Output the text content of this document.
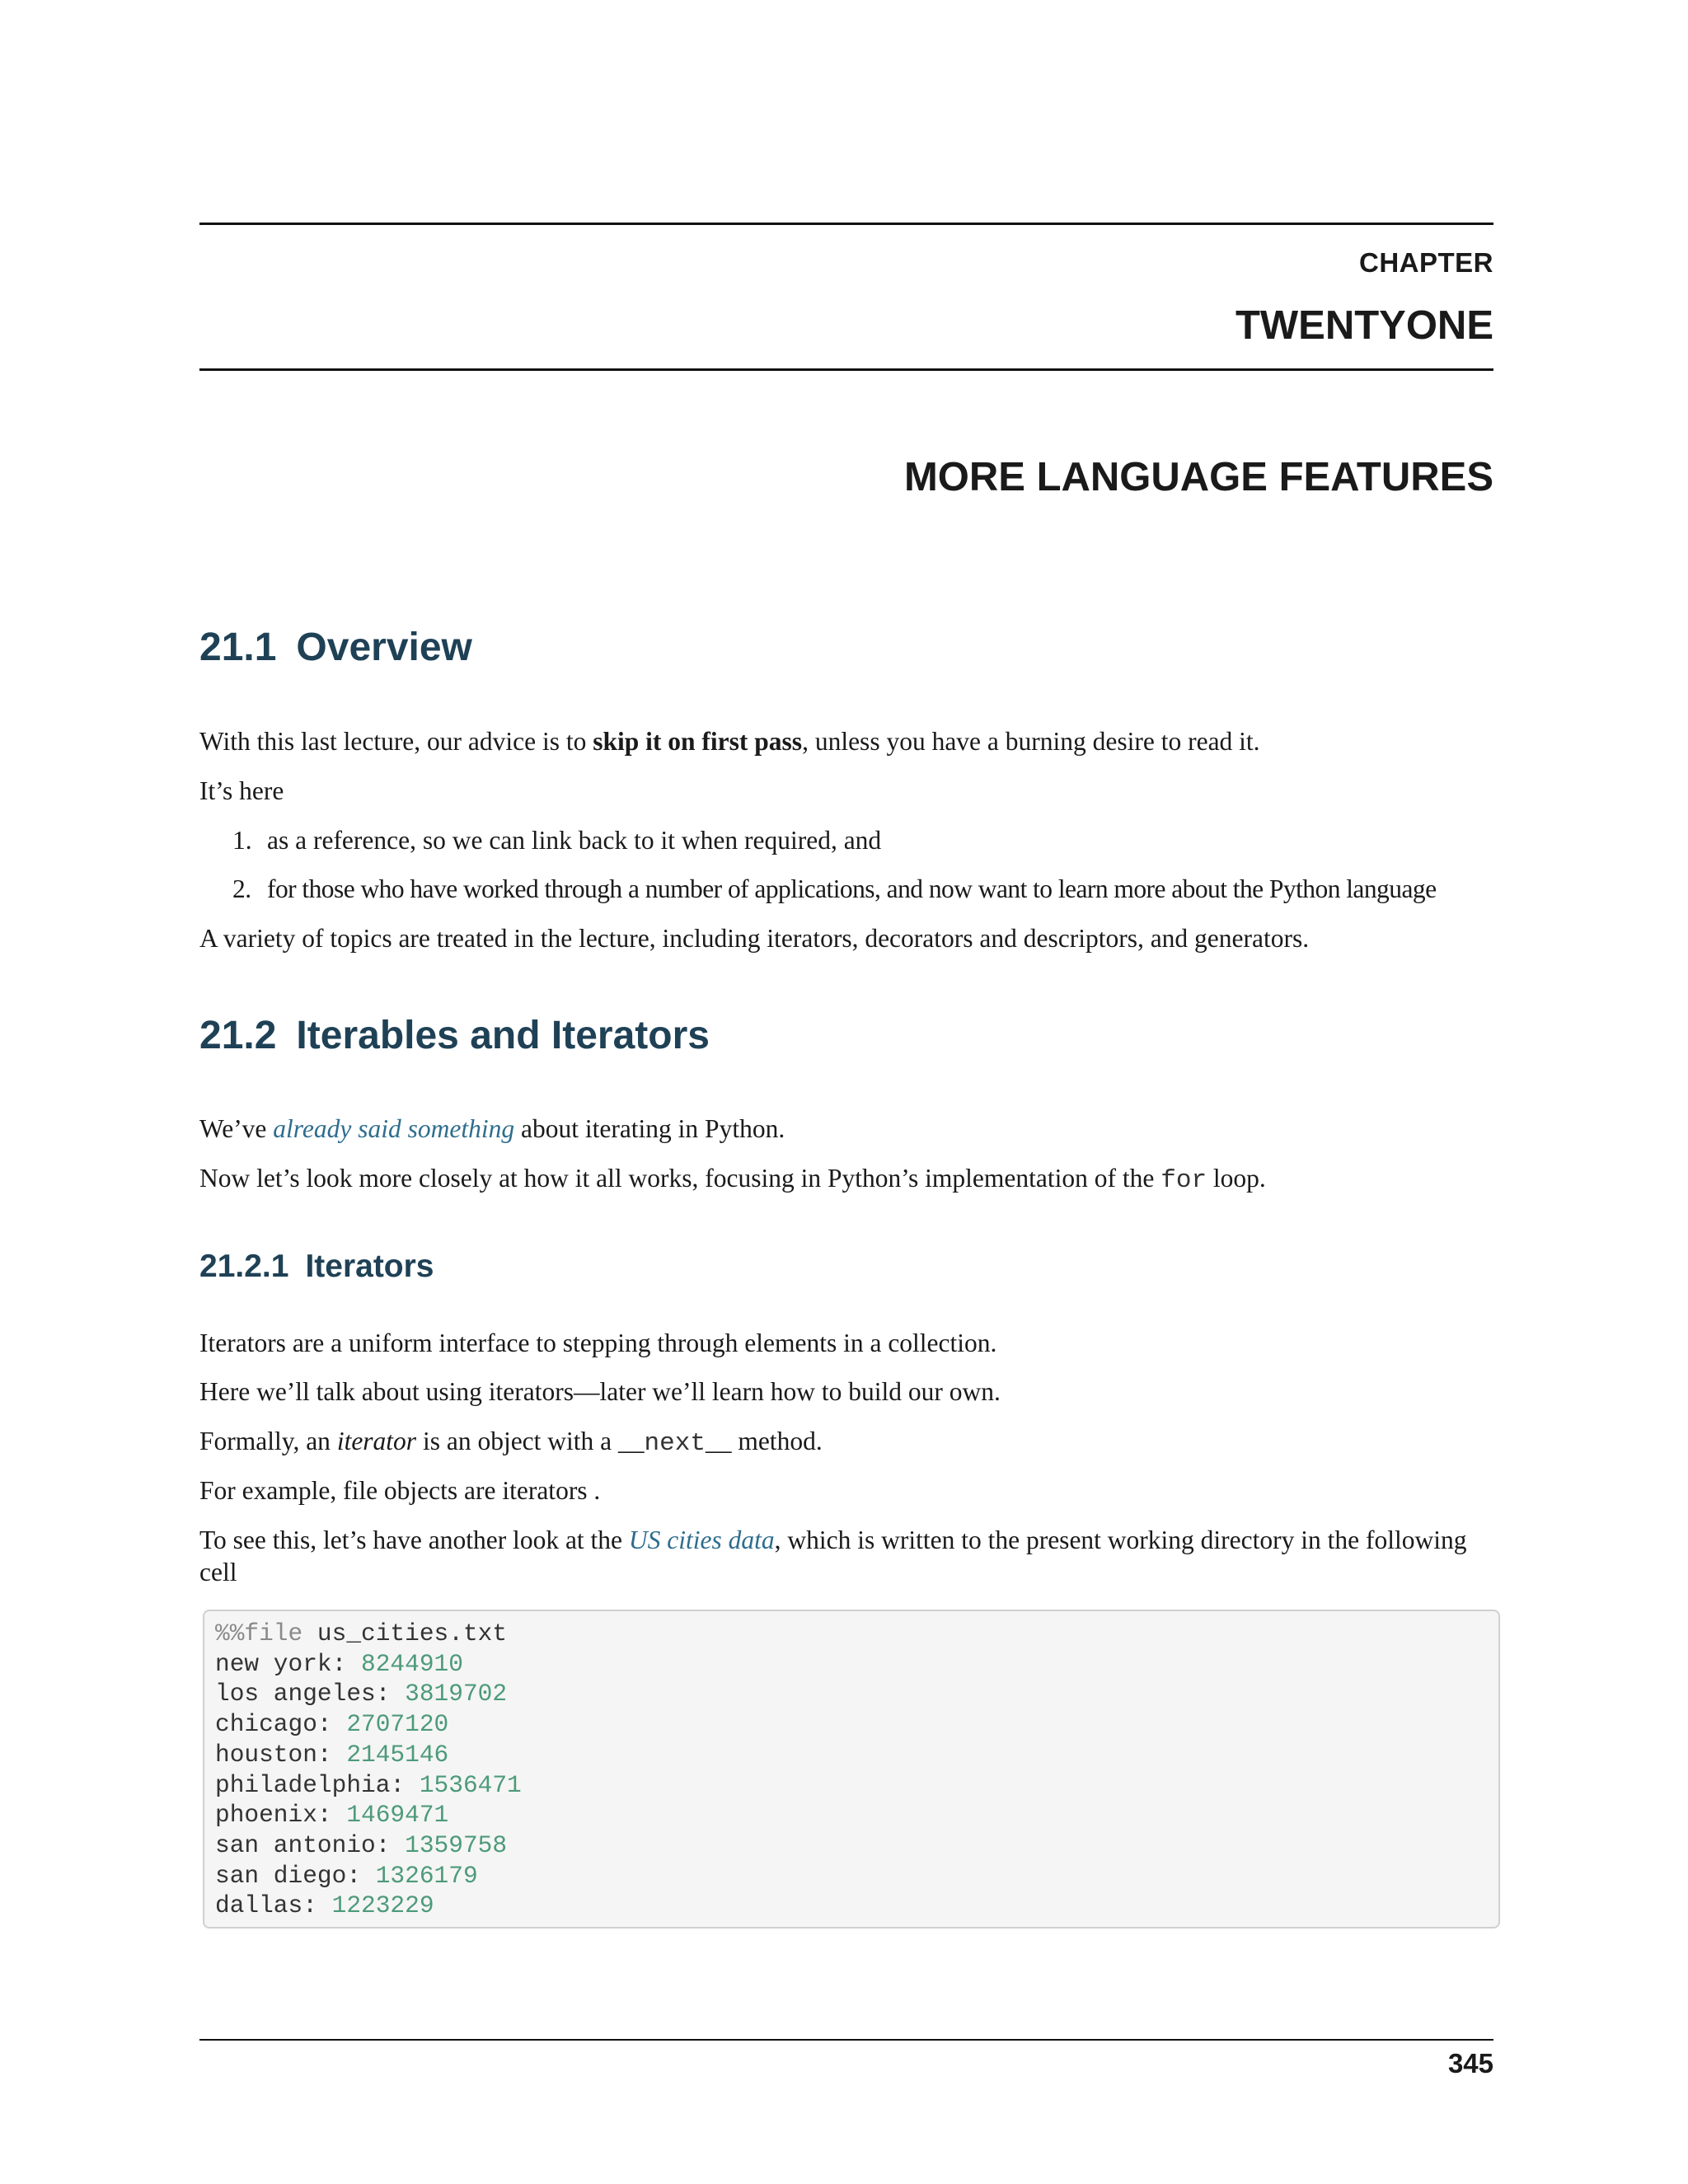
CHAPTER
TWENTYONE
MORE LANGUAGE FEATURES
21.1 Overview
With this last lecture, our advice is to skip it on first pass, unless you have a burning desire to read it.
It’s here
1. as a reference, so we can link back to it when required, and
2. for those who have worked through a number of applications, and now want to learn more about the Python language
A variety of topics are treated in the lecture, including iterators, decorators and descriptors, and generators.
21.2 Iterables and Iterators
We’ve already said something about iterating in Python.
Now let’s look more closely at how it all works, focusing in Python’s implementation of the for loop.
21.2.1 Iterators
Iterators are a uniform interface to stepping through elements in a collection.
Here we’ll talk about using iterators—later we’ll learn how to build our own.
Formally, an iterator is an object with a __next__ method.
For example, file objects are iterators .
To see this, let’s have another look at the US cities data, which is written to the present working directory in the following cell
%%file us_cities.txt
new york: 8244910
los angeles: 3819702
chicago: 2707120
houston: 2145146
philadelphia: 1536471
phoenix: 1469471
san antonio: 1359758
san diego: 1326179
dallas: 1223229
345
